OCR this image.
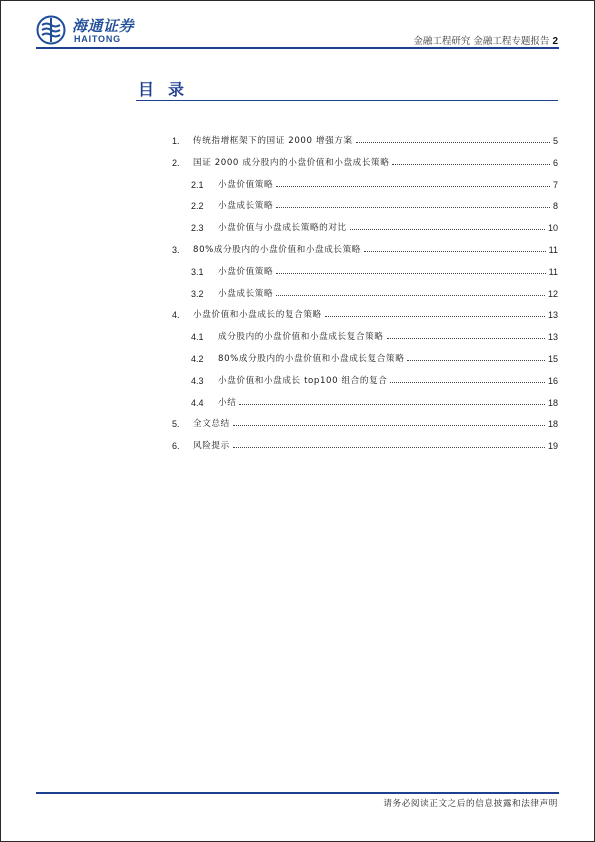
海通证券
HAITONG	金融工程研究 金融工程专题报告 2
目录
1.	传统指增框架下的国证 2000 增强方案	5
2.	国证 2000 成分股内的小盘价值和小盘成长策略	6
2.1	小盘价值策略	7
2.2	小盘成长策略	8
2.3	小盘价值与小盘成长策略的对比	10
3.	80%成分股内的小盘价值和小盘成长策略	11
3.1	小盘价值策略	11
3.2	小盘成长策略	12
4.	小盘价值和小盘成长的复合策略	13
4.1	成分股内的小盘价值和小盘成长复合策略	13
4.2	80%成分股内的小盘价值和小盘成长复合策略	15
4.3	小盘价值和小盘成长 top100 组合的复合	16
4.4	小结	18
5.	全文总结	18
6.	风险提示	19
请务必阅读正文之后的信息披露和法律声明
